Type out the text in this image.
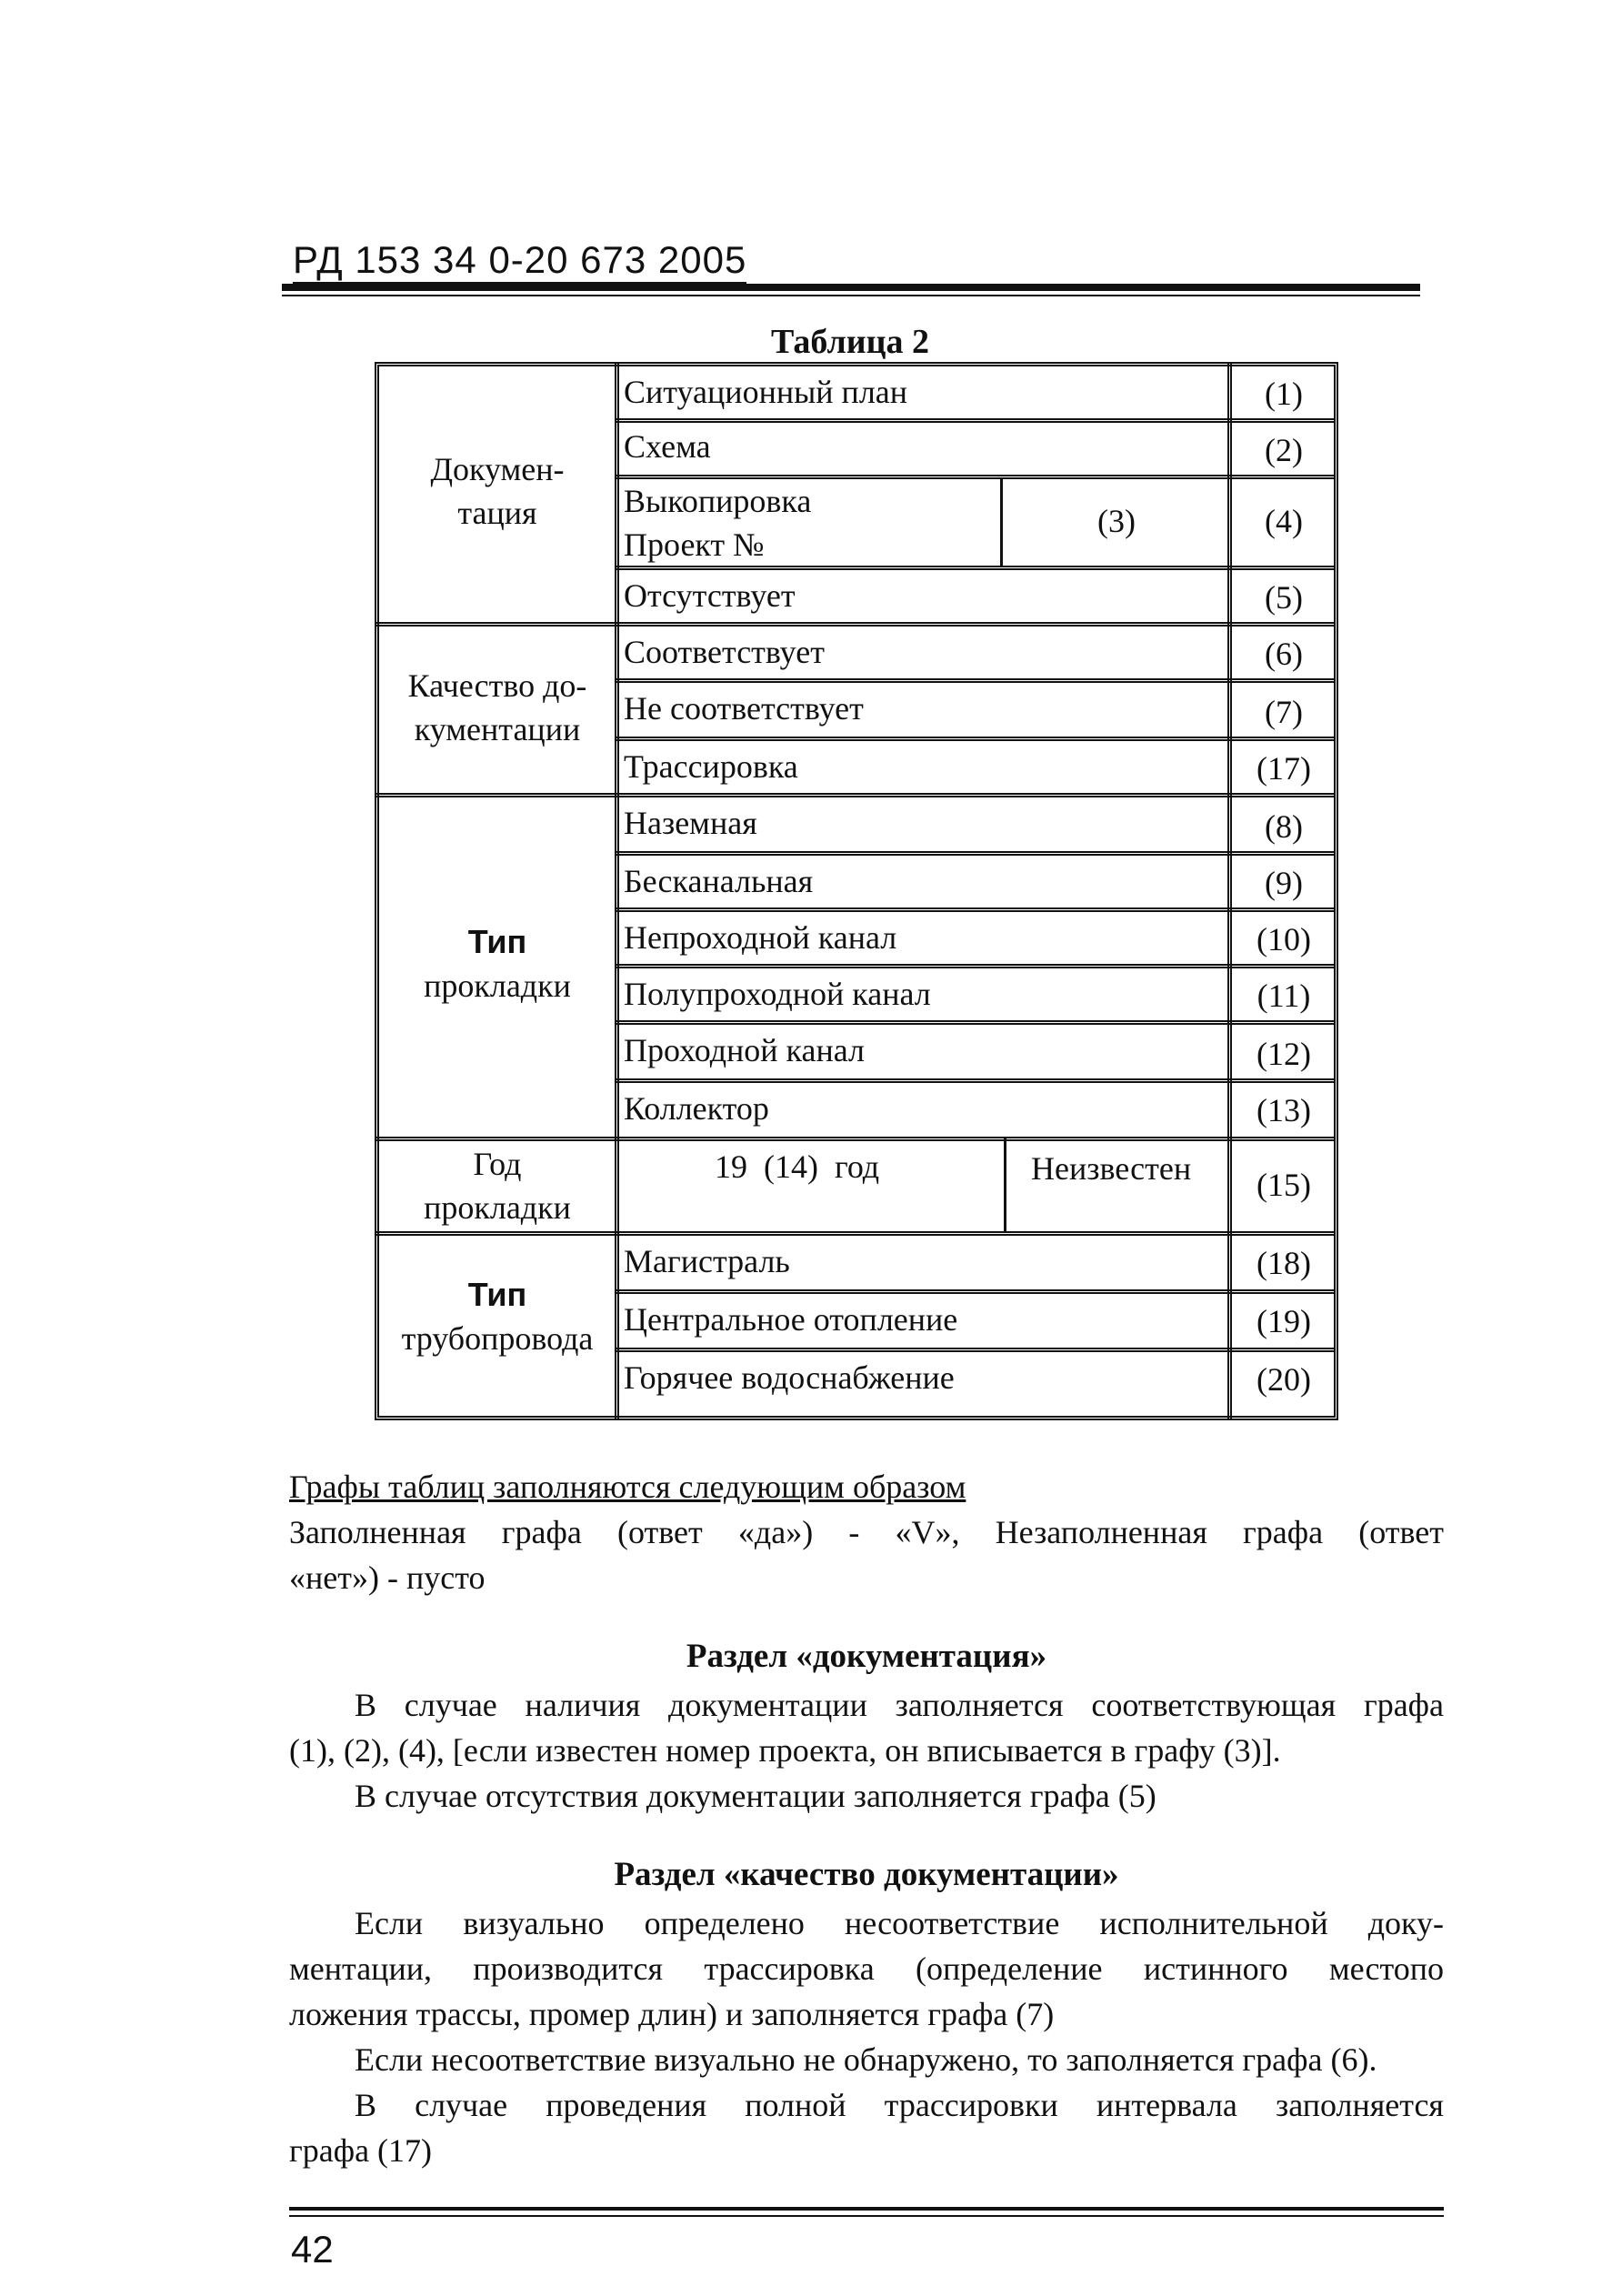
РД 153 34 0-20 673 2005
Таблица 2
Докумен-
тация
Качество до-
кументации
Тип
прокладки
Год
прокладки
Тип
трубопровода
Ситуационный план
Схема
Выкопировка
Проект №
Отсутствует
Соответствует
Не соответствует
Трассировка
Наземная
Бесканальная
Непроходной канал
Полупроходной канал
Проходной канал
Коллектор
19  (14)  год
Магистраль
Центральное отопление
Горячее водоснабжение
(3)
Неизвестен
(1)
(2)
(4)
(5)
(6)
(7)
(17)
(8)
(9)
(10)
(11)
(12)
(13)
(15)
(18)
(19)
(20)
Графы таблиц заполняются следующим образом
Заполненная графа (ответ «да») - «V», Незаполненная графа (ответ
«нет») - пусто
Раздел «документация»
В случае наличия документации заполняется соответствующая графа
(1), (2), (4), [если известен номер проекта, он вписывается в графу (3)].
В случае отсутствия документации заполняется графа (5)
Раздел «качество документации»
Если визуально определено несоответствие исполнительной доку-
ментации, производится трассировка (определение истинного местопо
ложения трассы, промер длин) и заполняется графа (7)
Если несоответствие визуально не обнаружено, то заполняется графа (6).
В случае проведения полной трассировки интервала заполняется
графа (17)
42
